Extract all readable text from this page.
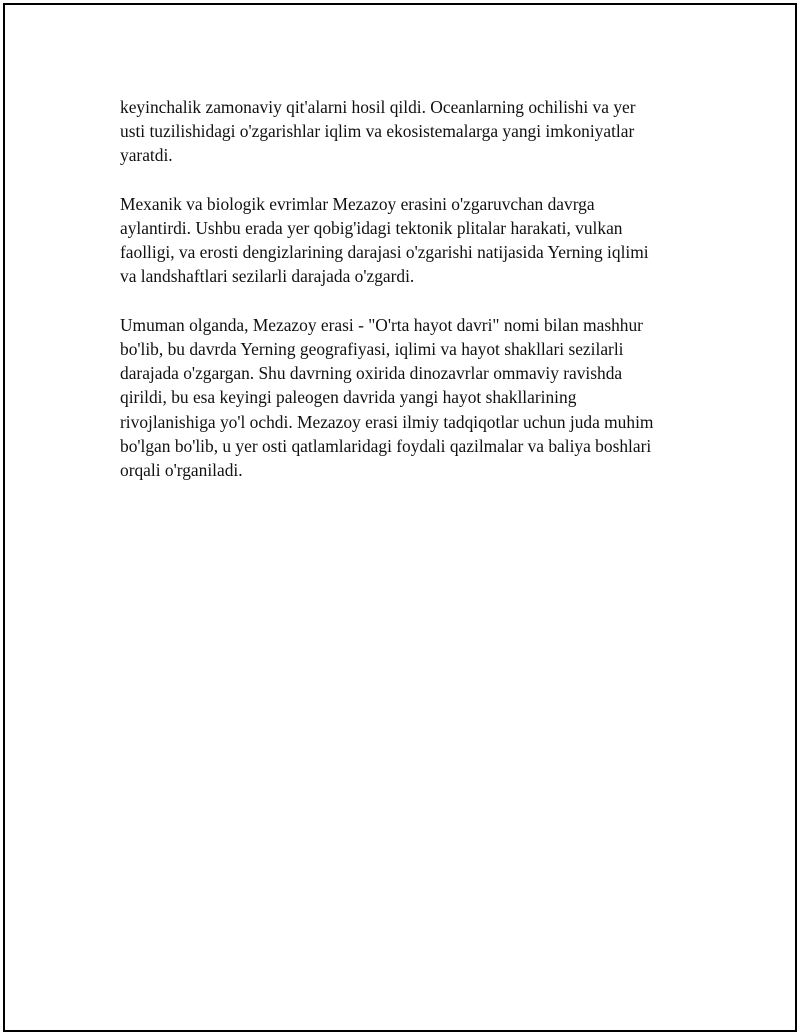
keyinchalik zamonaviy qit'alarni hosil qildi. Oceanlarning ochilishi va yer
usti tuzilishidagi o'zgarishlar iqlim va ekosistemalarga yangi imkoniyatlar
yaratdi.

Mexanik va biologik evrimlar Mezazoy erasini o'zgaruvchan davrga
aylantirdi. Ushbu erada yer qobig'idagi tektonik plitalar harakati, vulkan
faolligi, va erosti dengizlarining darajasi o'zgarishi natijasida Yerning iqlimi
va landshaftlari sezilarli darajada o'zgardi.

Umuman olganda, Mezazoy erasi - "O'rta hayot davri" nomi bilan mashhur
bo'lib, bu davrda Yerning geografiyasi, iqlimi va hayot shakllari sezilarli
darajada o'zgargan. Shu davrning oxirida dinozavrlar ommaviy ravishda
qirildi, bu esa keyingi paleogen davrida yangi hayot shakllarining
rivojlanishiga yo'l ochdi. Mezazoy erasi ilmiy tadqiqotlar uchun juda muhim
bo'lgan bo'lib, u yer osti qatlamlaridagi foydali qazilmalar va baliya boshlari
orqali o'rganiladi.
